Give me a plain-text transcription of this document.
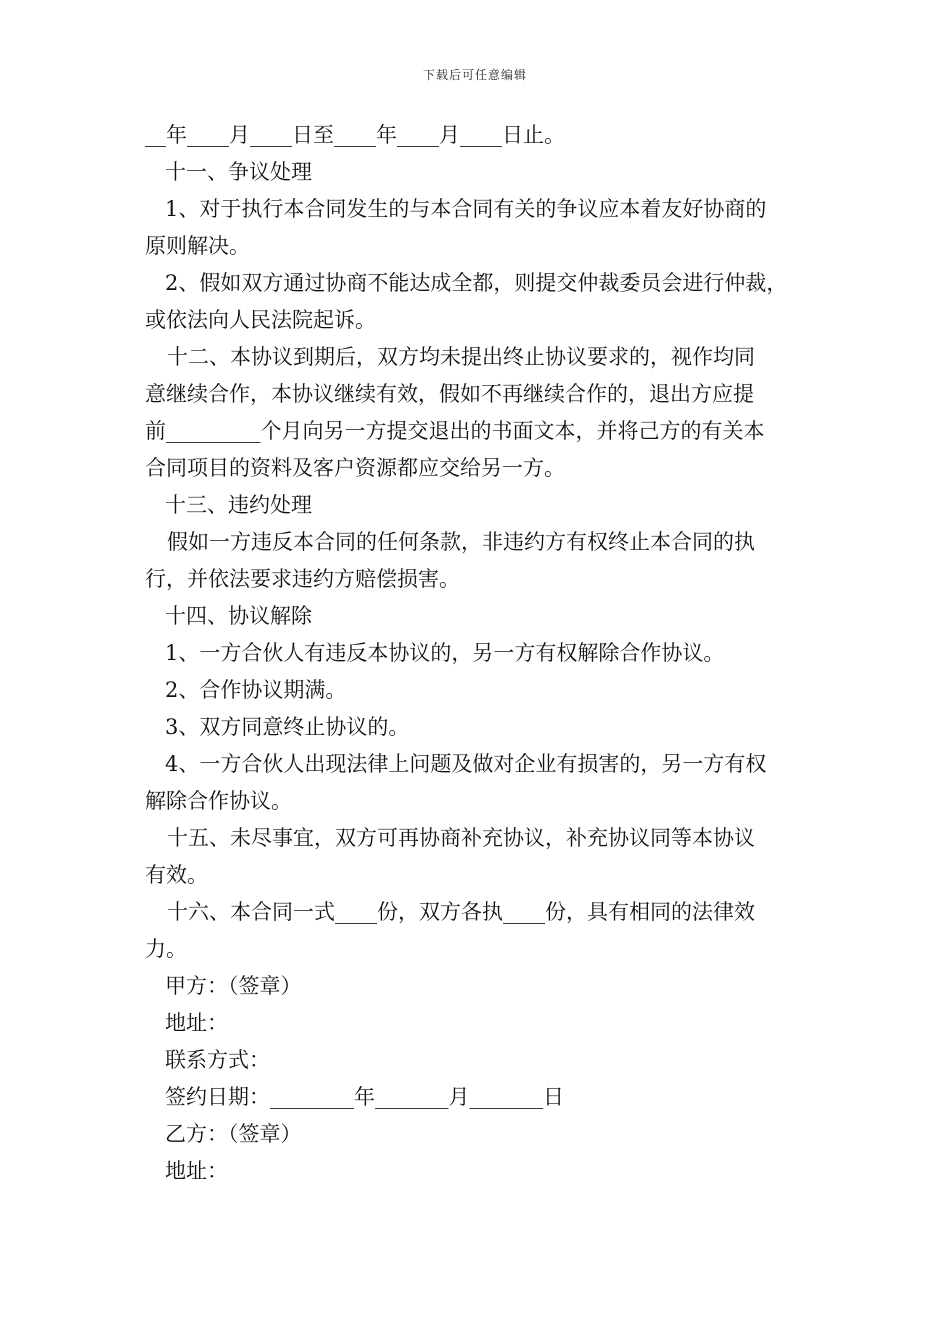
下载后可任意编辑
__年____月____日至____年____月____日止。
十一、争议处理
1、对于执行本合同发生的与本合同有关的争议应本着友好协商的
原则解决。
2、假如双方通过协商不能达成全都，则提交仲裁委员会进行仲裁，
或依法向人民法院起诉。
十二、本协议到期后，双方均未提出终止协议要求的，视作均同
意继续合作，本协议继续有效，假如不再继续合作的，退出方应提
前_________个月向另一方提交退出的书面文本，并将己方的有关本
合同项目的资料及客户资源都应交给另一方。
十三、违约处理
假如一方违反本合同的任何条款，非违约方有权终止本合同的执
行，并依法要求违约方赔偿损害。
十四、协议解除
1、一方合伙人有违反本协议的，另一方有权解除合作协议。
2、合作协议期满。
3、双方同意终止协议的。
4、一方合伙人出现法律上问题及做对企业有损害的，另一方有权
解除合作协议。
十五、未尽事宜，双方可再协商补充协议，补充协议同等本协议
有效。
十六、本合同一式____份，双方各执____份，具有相同的法律效
力。
甲方：（签章）
地址：
联系方式：
签约日期：________年_______月_______日
乙方：（签章）
地址：
